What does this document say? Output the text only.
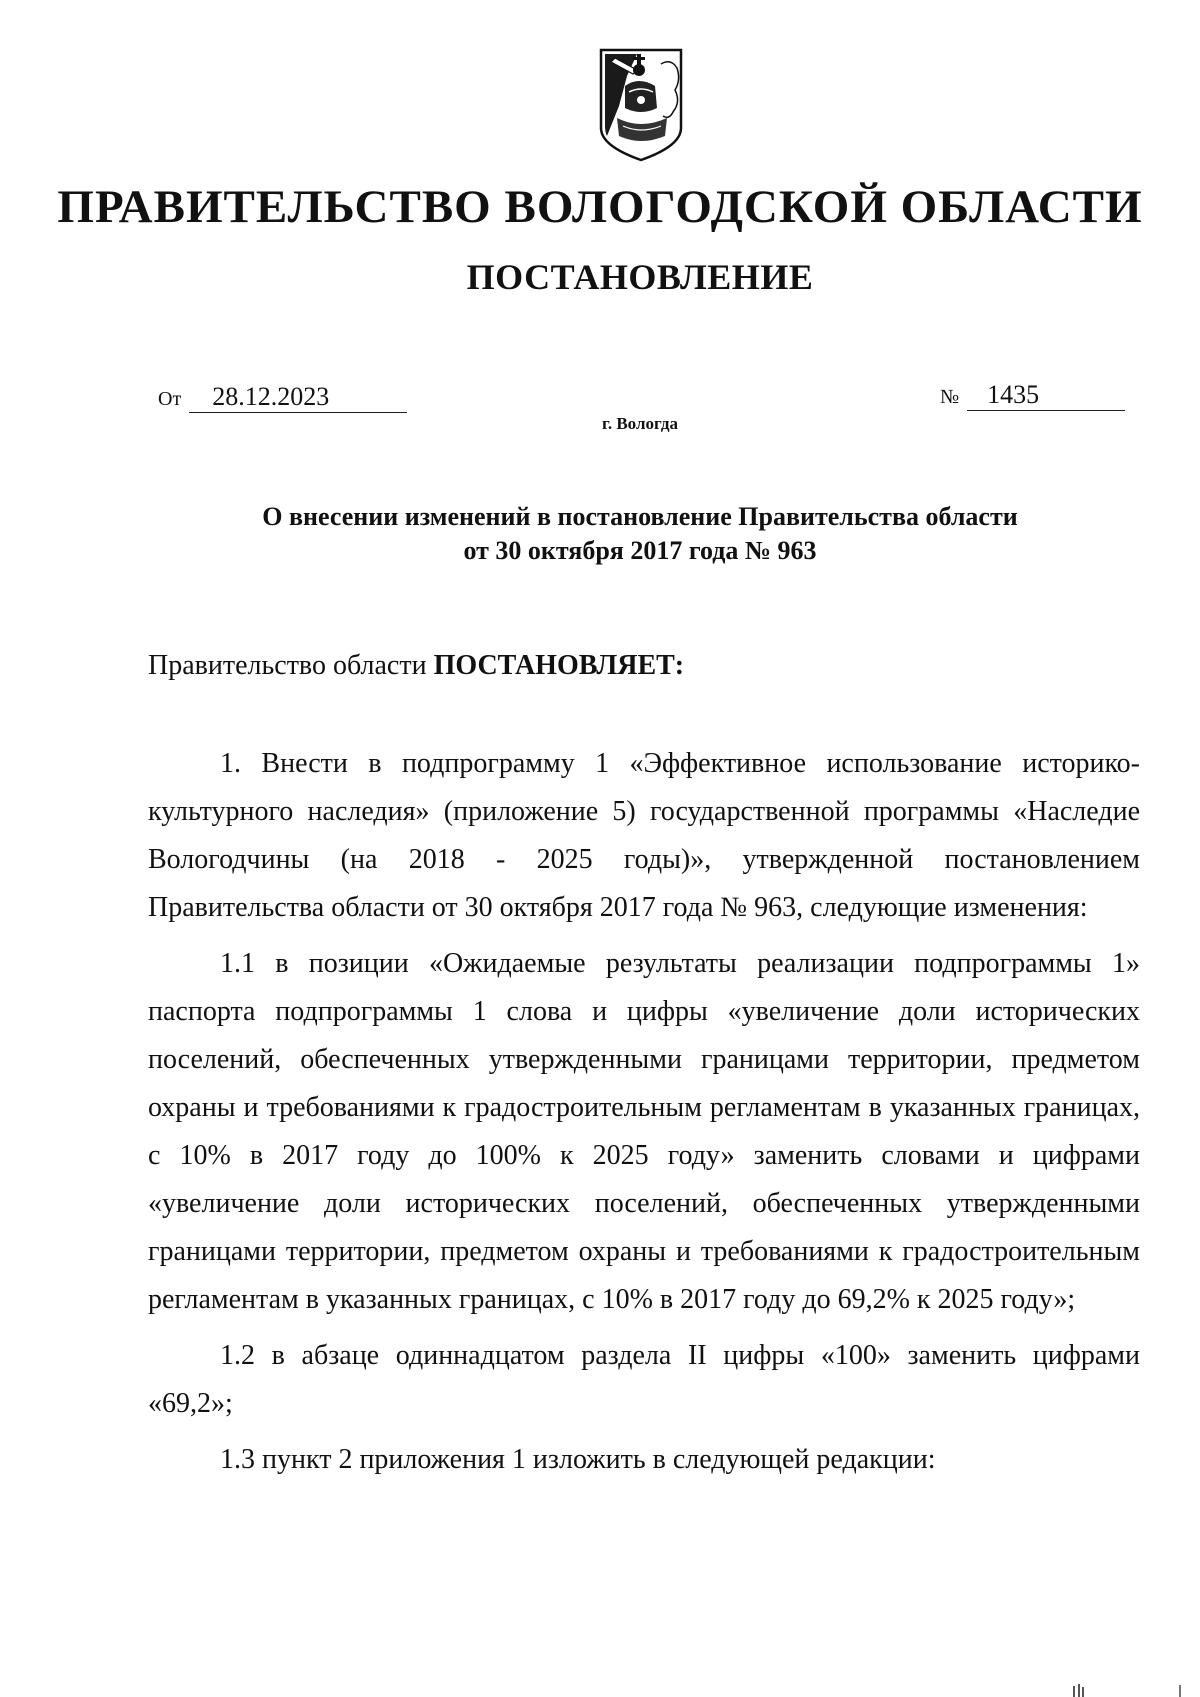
ПРАВИТЕЛЬСТВО ВОЛОГОДСКОЙ ОБЛАСТИ
ПОСТАНОВЛЕНИЕ
От 28.12.2023	№ 1435
г. Вологда
О внесении изменений в постановление Правительства области
от 30 октября 2017 года № 963
Правительство области ПОСТАНОВЛЯЕТ:

1. Внести в подпрограмму 1 «Эффективное использование историко-культурного наследия» (приложение 5) государственной программы «Наследие Вологодчины (на 2018 - 2025 годы)», утвержденной постановлением Правительства области от 30 октября 2017 года № 963, следующие изменения:

1.1 в позиции «Ожидаемые результаты реализации подпрограммы 1» паспорта подпрограммы 1 слова и цифры «увеличение доли исторических поселений, обеспеченных утвержденными границами территории, предметом охраны и требованиями к градостроительным регламентам в указанных границах, с 10% в 2017 году до 100% к 2025 году» заменить словами и цифрами «увеличение доли исторических поселений, обеспеченных утвержденными границами территории, предметом охраны и требованиями к градостроительным регламентам в указанных границах, с 10% в 2017 году до 69,2% к 2025 году»;

1.2 в абзаце одиннадцатом раздела II цифры «100» заменить цифрами «69,2»;

1.3 пункт 2 приложения 1 изложить в следующей редакции:
